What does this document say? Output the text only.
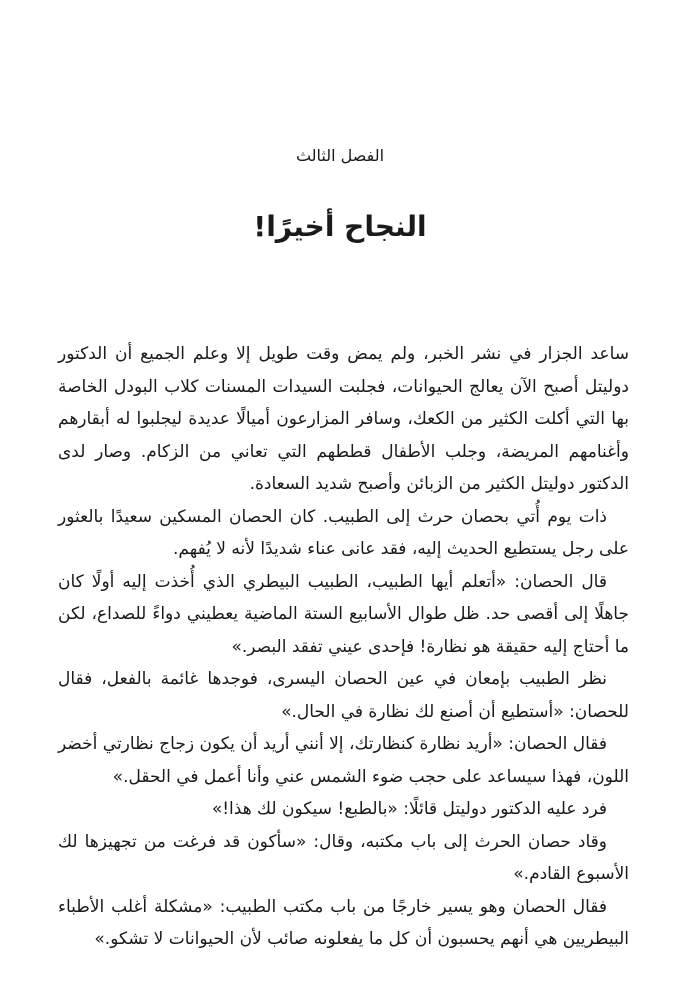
الفصل الثالث
النجاح أخيرًا!

ساعد الجزار في نشر الخبر، ولم يمض وقت طويل إلا وعلم الجميع أن الدكتور دوليتل أصبح الآن يعالج الحيوانات، فجلبت السيدات المسنات كلاب البودل الخاصة بها التي أكلت الكثير من الكعك، وسافر المزارعون أميالًا عديدة ليجلبوا له أبقارهم وأغنامهم المريضة، وجلب الأطفال قططهم التي تعاني من الزكام. وصار لدى الدكتور دوليتل الكثير من الزبائن وأصبح شديد السعادة.

ذات يوم أُتي بحصان حرث إلى الطبيب. كان الحصان المسكين سعيدًا بالعثور على رجل يستطيع الحديث إليه، فقد عانى عناء شديدًا لأنه لا يُفهم.

قال الحصان: «أتعلم أيها الطبيب، الطبيب البيطري الذي أُخذت إليه أولًا كان جاهلًا إلى أقصى حد. ظل طوال الأسابيع الستة الماضية يعطيني دواءً للصداع، لكن ما أحتاج إليه حقيقة هو نظارة! فإحدى عيني تفقد البصر.»

نظر الطبيب بإمعان في عين الحصان اليسرى، فوجدها غائمة بالفعل، فقال للحصان: «أستطيع أن أصنع لك نظارة في الحال.»

فقال الحصان: «أريد نظارة كنظارتك، إلا أنني أريد أن يكون زجاج نظارتي أخضر اللون، فهذا سيساعد على حجب ضوء الشمس عني وأنا أعمل في الحقل.»

فرد عليه الدكتور دوليتل قائلًا: «بالطبع! سيكون لك هذا!»

وقاد حصان الحرث إلى باب مكتبه، وقال: «سأكون قد فرغت من تجهيزها لك الأسبوع القادم.»

فقال الحصان وهو يسير خارجًا من باب مكتب الطبيب: «مشكلة أغلب الأطباء البيطريين هي أنهم يحسبون أن كل ما يفعلونه صائب لأن الحيوانات لا تشكو.»
